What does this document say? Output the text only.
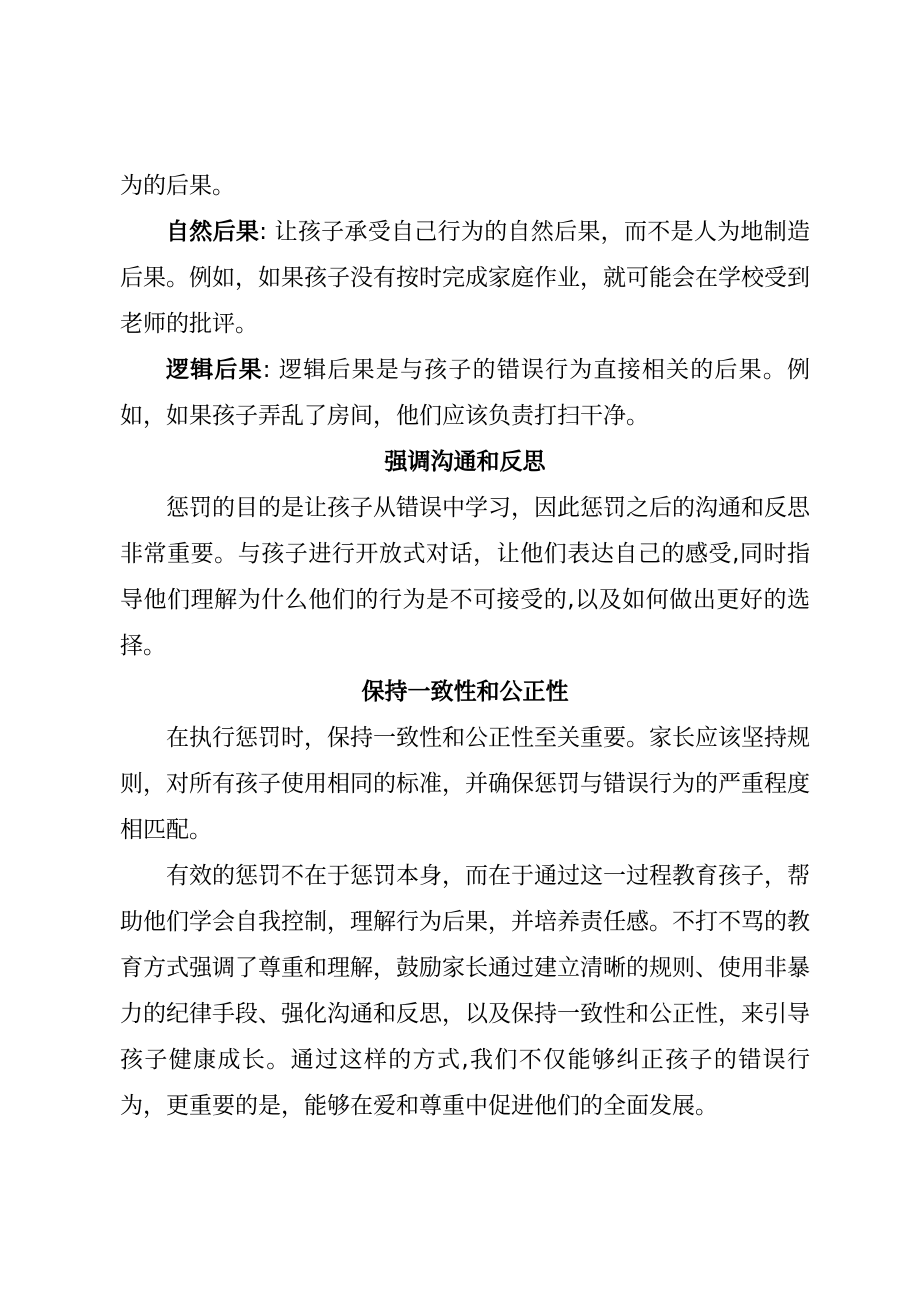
为的后果。

自然后果: 让孩子承受自己行为的自然后果，而不是人为地制造后果。例如，如果孩子没有按时完成家庭作业，就可能会在学校受到老师的批评。

逻辑后果: 逻辑后果是与孩子的错误行为直接相关的后果。例如，如果孩子弄乱了房间，他们应该负责打扫干净。

强调沟通和反思

惩罚的目的是让孩子从错误中学习，因此惩罚之后的沟通和反思非常重要。与孩子进行开放式对话，让他们表达自己的感受,同时指导他们理解为什么他们的行为是不可接受的,以及如何做出更好的选择。

保持一致性和公正性

在执行惩罚时，保持一致性和公正性至关重要。家长应该坚持规则，对所有孩子使用相同的标准，并确保惩罚与错误行为的严重程度相匹配。

有效的惩罚不在于惩罚本身，而在于通过这一过程教育孩子，帮助他们学会自我控制，理解行为后果，并培养责任感。不打不骂的教育方式强调了尊重和理解，鼓励家长通过建立清晰的规则、使用非暴力的纪律手段、强化沟通和反思，以及保持一致性和公正性，来引导孩子健康成长。通过这样的方式,我们不仅能够纠正孩子的错误行为，更重要的是，能够在爱和尊重中促进他们的全面发展。
